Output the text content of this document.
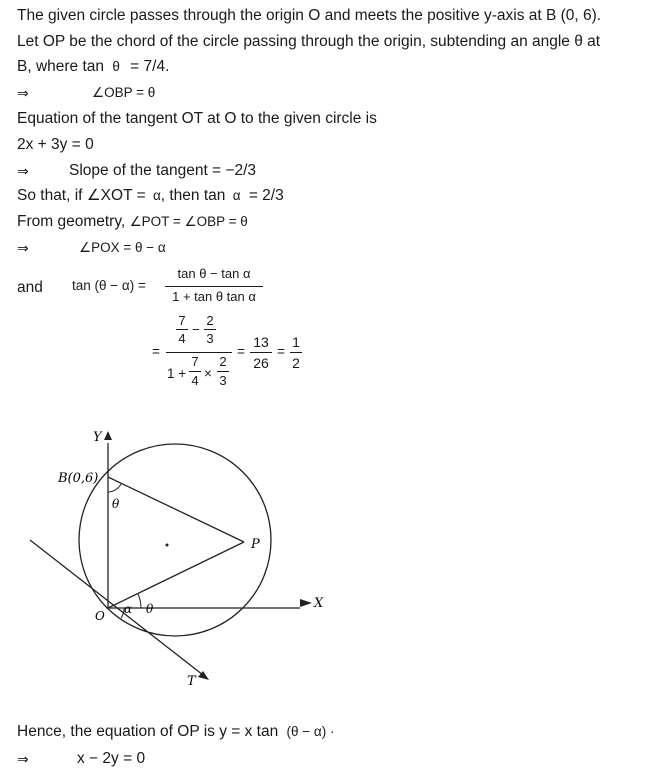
The given circle passes through the origin O and meets the positive y-axis at B (0, 6).
Let OP be the chord of the circle passing through the origin, subtending an angle θ at
B, where tan θ = 7/4.
⇒	∠OBP = θ
Equation of the tangent OT at O to the given circle is
2x + 3y = 0
⇒	Slope of the tangent = −2/3
So that, if ∠XOT = α, then tan α = 2/3
From geometry, ∠POT = ∠OBP = θ
⇒	∠POX = θ − α
and tan (θ − α) =
tan θ − tan α
1 + tan θ tan α
=
7
4
−
2
3
1 +
7
4 ×
2
3
=
13
26
=
1
2
Y
B(0,6)
P
X
O
T
θ
α θ
Hence, the equation of OP is y = x tan (θ − α) ·
⇒	x − 2y = 0
